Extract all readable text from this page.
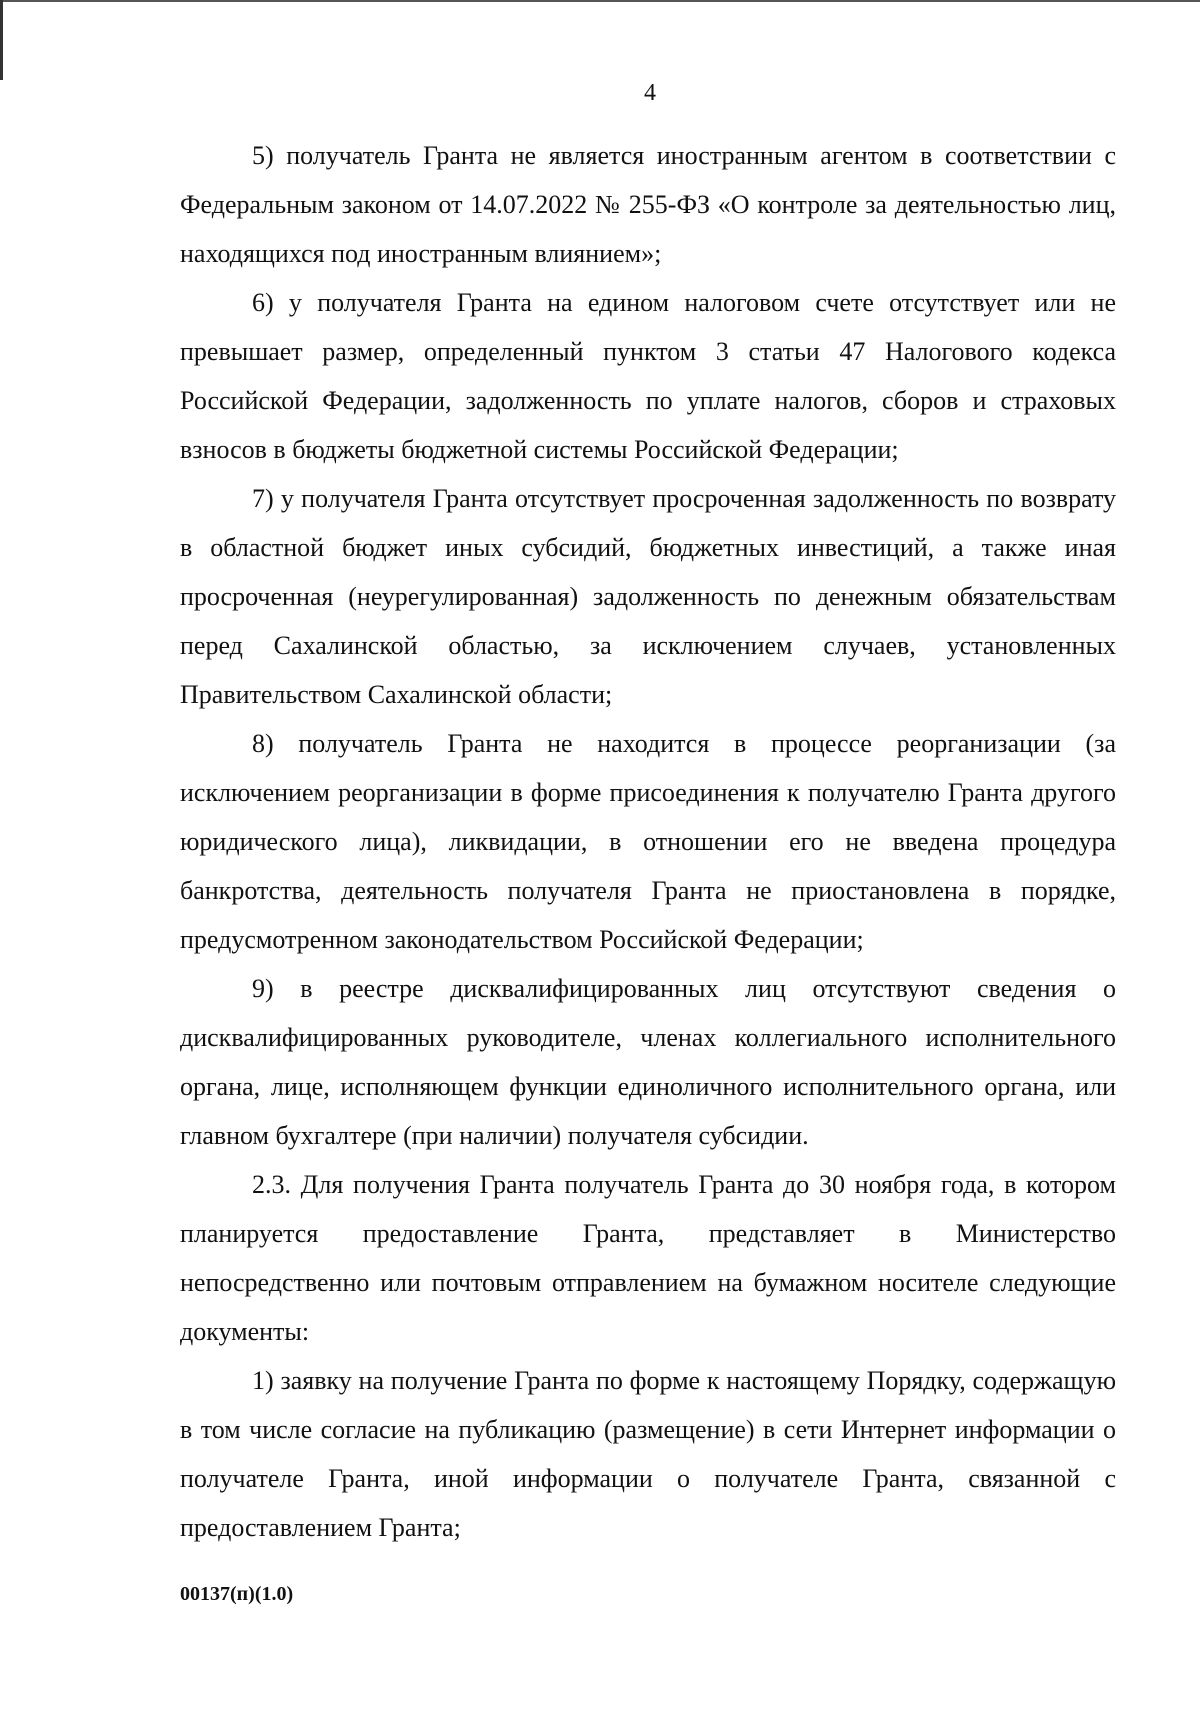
4

5) получатель Гранта не является иностранным агентом в соответствии с Федеральным законом от 14.07.2022 № 255-ФЗ «О контроле за деятельностью лиц, находящихся под иностранным влиянием»;

6) у получателя Гранта на едином налоговом счете отсутствует или не превышает размер, определенный пунктом 3 статьи 47 Налогового кодекса Российской Федерации, задолженность по уплате налогов, сборов и страховых взносов в бюджеты бюджетной системы Российской Федерации;

7) у получателя Гранта отсутствует просроченная задолженность по возврату в областной бюджет иных субсидий, бюджетных инвестиций, а также иная просроченная (неурегулированная) задолженность по денежным обязательствам перед Сахалинской областью, за исключением случаев, установленных Правительством Сахалинской области;

8) получатель Гранта не находится в процессе реорганизации (за исключением реорганизации в форме присоединения к получателю Гранта другого юридического лица), ликвидации, в отношении его не введена процедура банкротства, деятельность получателя Гранта не приостановлена в порядке, предусмотренном законодательством Российской Федерации;

9) в реестре дисквалифицированных лиц отсутствуют сведения о дисквалифицированных руководителе, членах коллегиального исполнительного органа, лице, исполняющем функции единоличного исполнительного органа, или главном бухгалтере (при наличии) получателя субсидии.

2.3. Для получения Гранта получатель Гранта до 30 ноября года, в котором планируется предоставление Гранта, представляет в Министерство непосредственно или почтовым отправлением на бумажном носителе следующие документы:

1) заявку на получение Гранта по форме к настоящему Порядку, содержащую в том числе согласие на публикацию (размещение) в сети Интернет информации о получателе Гранта, иной информации о получателе Гранта, связанной с предоставлением Гранта;

00137(п)(1.0)
